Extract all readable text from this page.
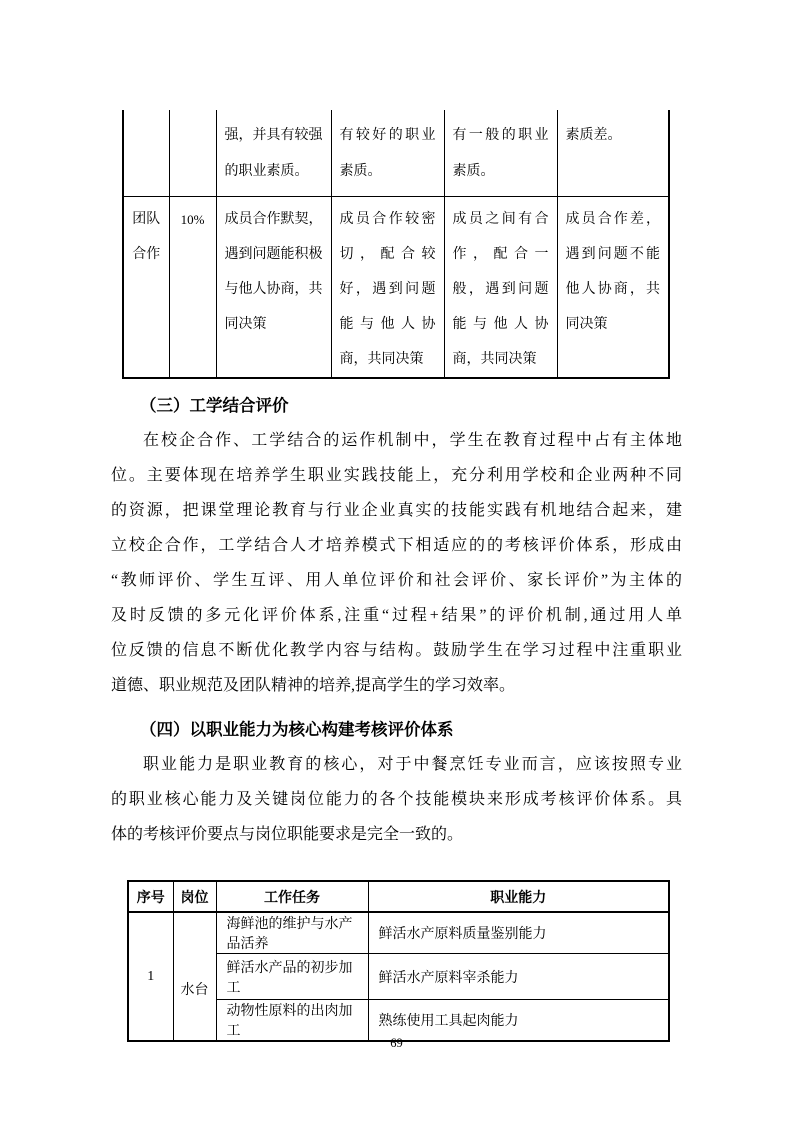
		强，并具有较强的职业素质。	有较好的职业素质。	有一般的职业素质。	素质差。
团队合作	10%	成员合作默契，遇到问题能积极与他人协商，共同决策	成员合作较密切，配合较好，遇到问题能与他人协商，共同决策	成员之间有合作，配合一般，遇到问题能与他人协商，共同决策	成员合作差，遇到问题不能他人协商，共同决策
（三）工学结合评价
在校企合作、工学结合的运作机制中，学生在教育过程中占有主体地
位。主要体现在培养学生职业实践技能上，充分利用学校和企业两种不同
的资源，把课堂理论教育与行业企业真实的技能实践有机地结合起来，建
立校企合作，工学结合人才培养模式下相适应的的考核评价体系，形成由
“教师评价、学生互评、用人单位评价和社会评价、家长评价”为主体的
及时反馈的多元化评价体系,注重“过程+结果”的评价机制,通过用人单
位反馈的信息不断优化教学内容与结构。鼓励学生在学习过程中注重职业
道德、职业规范及团队精神的培养,提高学生的学习效率。
（四）以职业能力为核心构建考核评价体系
职业能力是职业教育的核心，对于中餐烹饪专业而言，应该按照专业
的职业核心能力及关键岗位能力的各个技能模块来形成考核评价体系。具
体的考核评价要点与岗位职能要求是完全一致的。
序号	岗位	工作任务	职业能力
1	水台	海鲜池的维护与水产品活养	鲜活水产原料质量鉴别能力
		鲜活水产品的初步加工	鲜活水产原料宰杀能力
		动物性原料的出肉加工	熟练使用工具起肉能力
69
